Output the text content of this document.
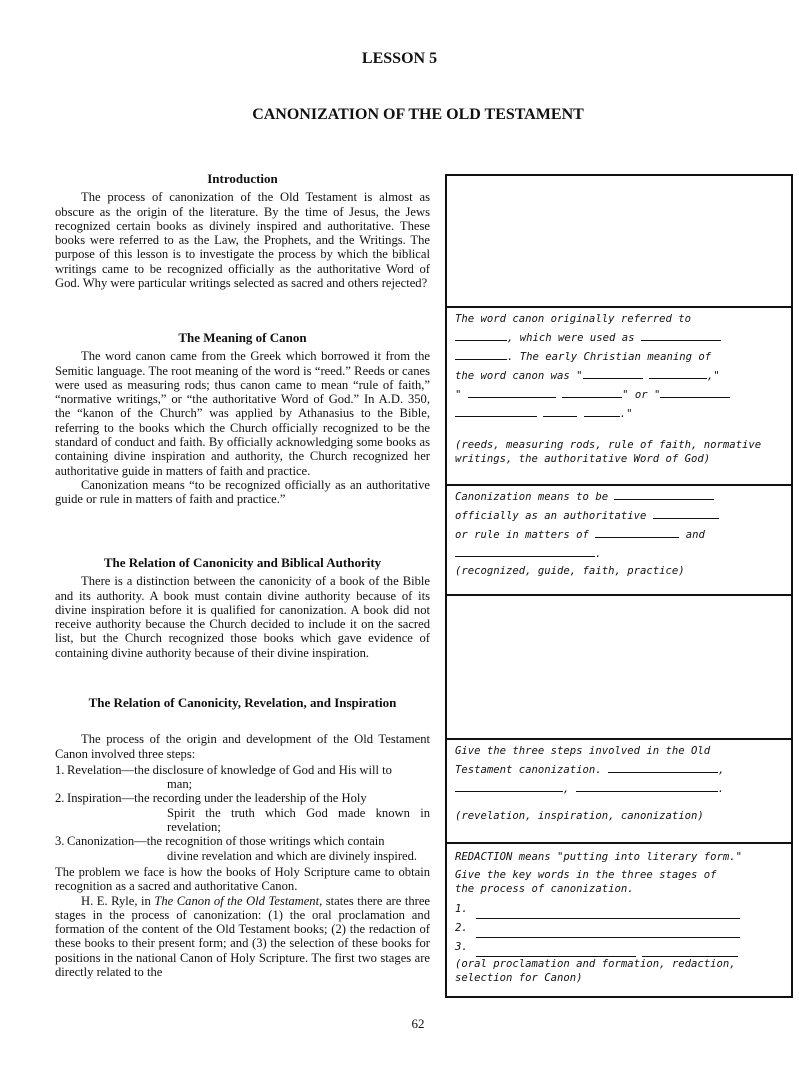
LESSON 5
CANONIZATION OF THE OLD TESTAMENT
Introduction

The process of canonization of the Old Testament is almost as obscure as the origin of the literature. By the time of Jesus, the Jews recognized certain books as divinely inspired and authoritative. These books were referred to as the Law, the Prophets, and the Writings. The purpose of this lesson is to investigate the process by which the biblical writings came to be recognized officially as the authoritative Word of God. Why were particular writings selected as sacred and others rejected?

The Meaning of Canon

The word canon came from the Greek which borrowed it from the Semitic language. The root meaning of the word is “reed.” Reeds or canes were used as measuring rods; thus canon came to mean “rule of faith,” “normative writings,” or “the authoritative Word of God.” In A.D. 350, the “kanon of the Church” was applied by Athanasius to the Bible, referring to the books which the Church officially recognized to be the standard of conduct and faith. By officially acknowledging some books as containing divine inspiration and authority, the Church recognized her authoritative guide in matters of faith and practice.

Canonization means “to be recognized officially as an authoritative guide or rule in matters of faith and practice.”

The Relation of Canonicity and Biblical Authority

There is a distinction between the canonicity of a book of the Bible and its authority. A book must contain divine authority because of its divine inspiration before it is qualified for canonization. A book did not receive authority because the Church decided to include it on the sacred list, but the Church recognized those books which gave evidence of containing divine authority because of their divine inspiration.

The Relation of Canonicity, Revelation, and Inspiration

The process of the origin and development of the Old Testament Canon involved three steps:

1. Revelation—the disclosure of knowledge of God and His will to
man;
2. Inspiration—the recording under the leadership of the Holy
Spirit the truth which God made known in revelation;
3. Canonization—the recognition of those writings which contain
divine revelation and which are divinely inspired.

The problem we face is how the books of Holy Scripture came to obtain recognition as a sacred and authoritative Canon.

H. E. Ryle, in The Canon of the Old Testament, states there are three stages in the process of canonization: (1) the oral proclamation and formation of the content of the Old Testament books; (2) the redaction of these books to their present form; and (3) the selection of these books for positions in the national Canon of Holy Scripture. The first two stages are directly related to the

The word canon originally referred to
, which were used as
. The early Christian meaning of
the word canon was "	,"
"	" or "
."
(reeds, measuring rods, rule of faith, normative writings, the authoritative Word of God)
Canonization means to be
officially as an authoritative
or rule in matters of	and
.
(recognized, guide, faith, practice)
Give the three steps involved in the Old
Testament canonization.	,
,	.
(revelation, inspiration, canonization)
REDACTION means "putting into literary form."
Give the key words in the three stages of
the process of canonization.
1.
2.
3.
(oral proclamation and formation, redaction, selection for Canon)
62
